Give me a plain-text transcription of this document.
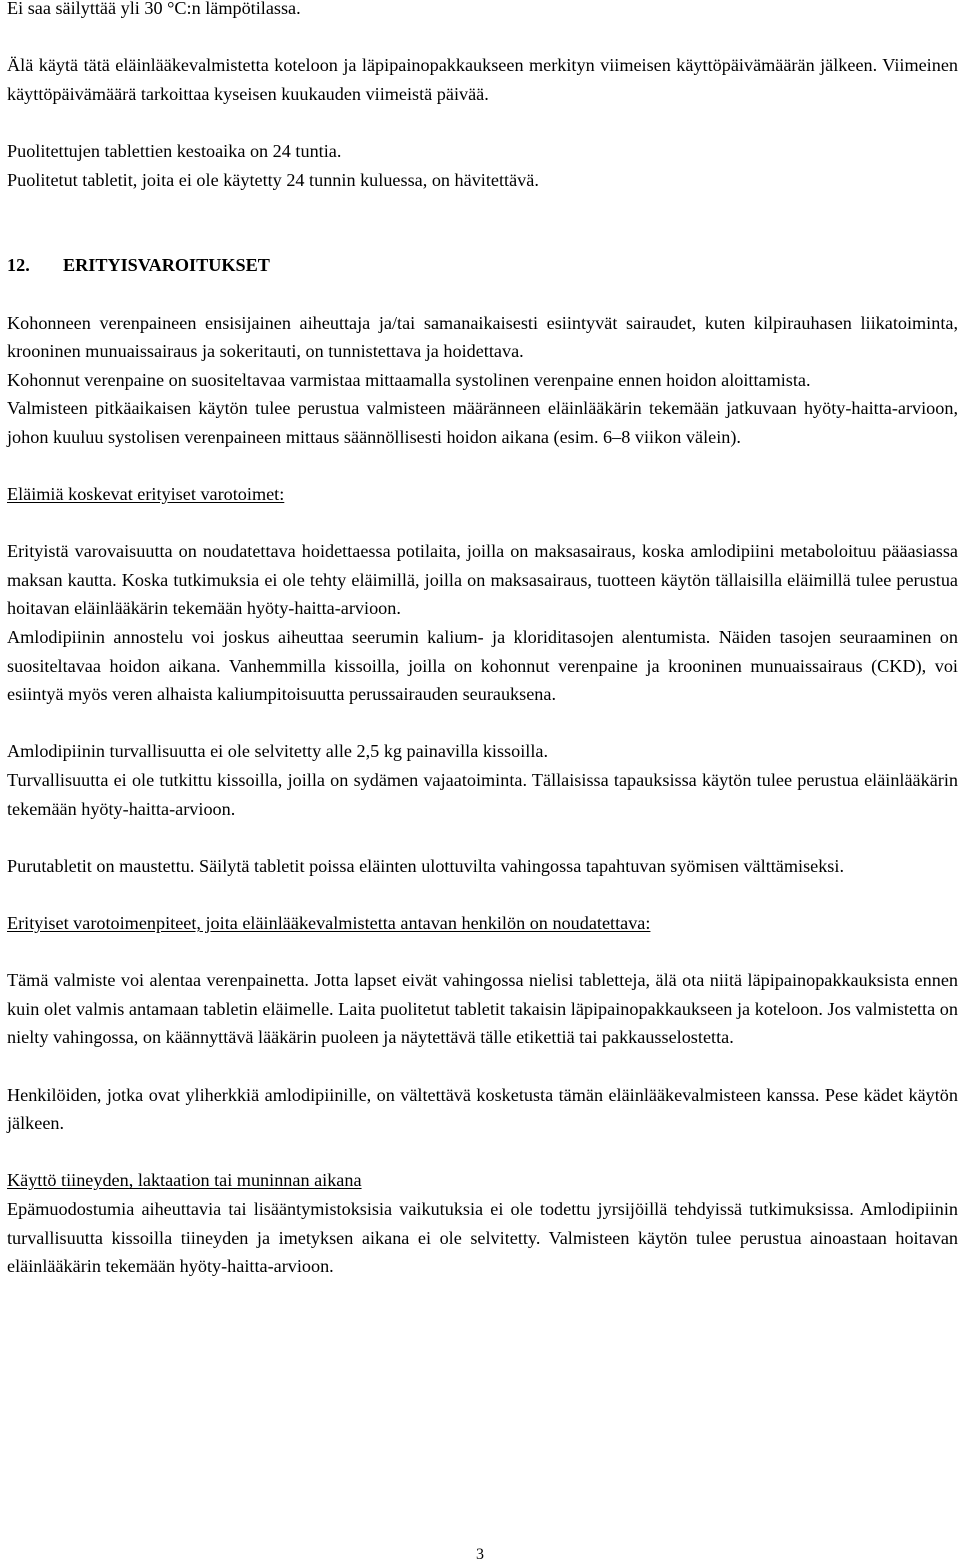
Ei saa säilyttää yli 30 °C:n lämpötilassa.

Älä käytä tätä eläinlääkevalmistetta koteloon ja läpipainopakkaukseen merkityn viimeisen käyttöpäivämäärän jälkeen. Viimeinen käyttöpäivämäärä tarkoittaa kyseisen kuukauden viimeistä päivää.

Puolitettujen tablettien kestoaika on 24 tuntia.

Puolitetut tabletit, joita ei ole käytetty 24 tunnin kuluessa, on hävitettävä.

12.	ERITYISVAROITUKSET

Kohonneen verenpaineen ensisijainen aiheuttaja ja/tai samanaikaisesti esiintyvät sairaudet, kuten kilpirauhasen liikatoiminta, krooninen munuaissairaus ja sokeritauti, on tunnistettava ja hoidettava.

Kohonnut verenpaine on suositeltavaa varmistaa mittaamalla systolinen verenpaine ennen hoidon aloittamista.

Valmisteen pitkäaikaisen käytön tulee perustua valmisteen määränneen eläinlääkärin tekemään jatkuvaan hyöty-haitta-arvioon, johon kuuluu systolisen verenpaineen mittaus säännöllisesti hoidon aikana (esim. 6–8 viikon välein).

Eläimiä koskevat erityiset varotoimet:

Erityistä varovaisuutta on noudatettava hoidettaessa potilaita, joilla on maksasairaus, koska amlodipiini metaboloituu pääasiassa maksan kautta. Koska tutkimuksia ei ole tehty eläimillä, joilla on maksasairaus, tuotteen käytön tällaisilla eläimillä tulee perustua hoitavan eläinlääkärin tekemään hyöty-haitta-arvioon.

Amlodipiinin annostelu voi joskus aiheuttaa seerumin kalium- ja kloriditasojen alentumista. Näiden tasojen seuraaminen on suositeltavaa hoidon aikana. Vanhemmilla kissoilla, joilla on kohonnut verenpaine ja krooninen munuaissairaus (CKD), voi esiintyä myös veren alhaista kaliumpitoisuutta perussairauden seurauksena.

Amlodipiinin turvallisuutta ei ole selvitetty alle 2,5 kg painavilla kissoilla.

Turvallisuutta ei ole tutkittu kissoilla, joilla on sydämen vajaatoiminta. Tällaisissa tapauksissa käytön tulee perustua eläinlääkärin tekemään hyöty-haitta-arvioon.

Purutabletit on maustettu. Säilytä tabletit poissa eläinten ulottuvilta vahingossa tapahtuvan syömisen välttämiseksi.

Erityiset varotoimenpiteet, joita eläinlääkevalmistetta antavan henkilön on noudatettava:

Tämä valmiste voi alentaa verenpainetta. Jotta lapset eivät vahingossa nielisi tabletteja, älä ota niitä läpipainopakkauksista ennen kuin olet valmis antamaan tabletin eläimelle. Laita puolitetut tabletit takaisin läpipainopakkaukseen ja koteloon. Jos valmistetta on nielty vahingossa, on käännyttävä lääkärin puoleen ja näytettävä tälle etikettiä tai pakkausselostetta.

Henkilöiden, jotka ovat yliherkkiä amlodipiinille, on vältettävä kosketusta tämän eläinlääkevalmisteen kanssa. Pese kädet käytön jälkeen.

Käyttö tiineyden, laktaation tai muninnan aikana

Epämuodostumia aiheuttavia tai lisääntymistoksisia vaikutuksia ei ole todettu jyrsijöillä tehdyissä tutkimuksissa. Amlodipiinin turvallisuutta kissoilla tiineyden ja imetyksen aikana ei ole selvitetty. Valmisteen käytön tulee perustua ainoastaan hoitavan eläinlääkärin tekemään hyöty-haitta-arvioon.

3
